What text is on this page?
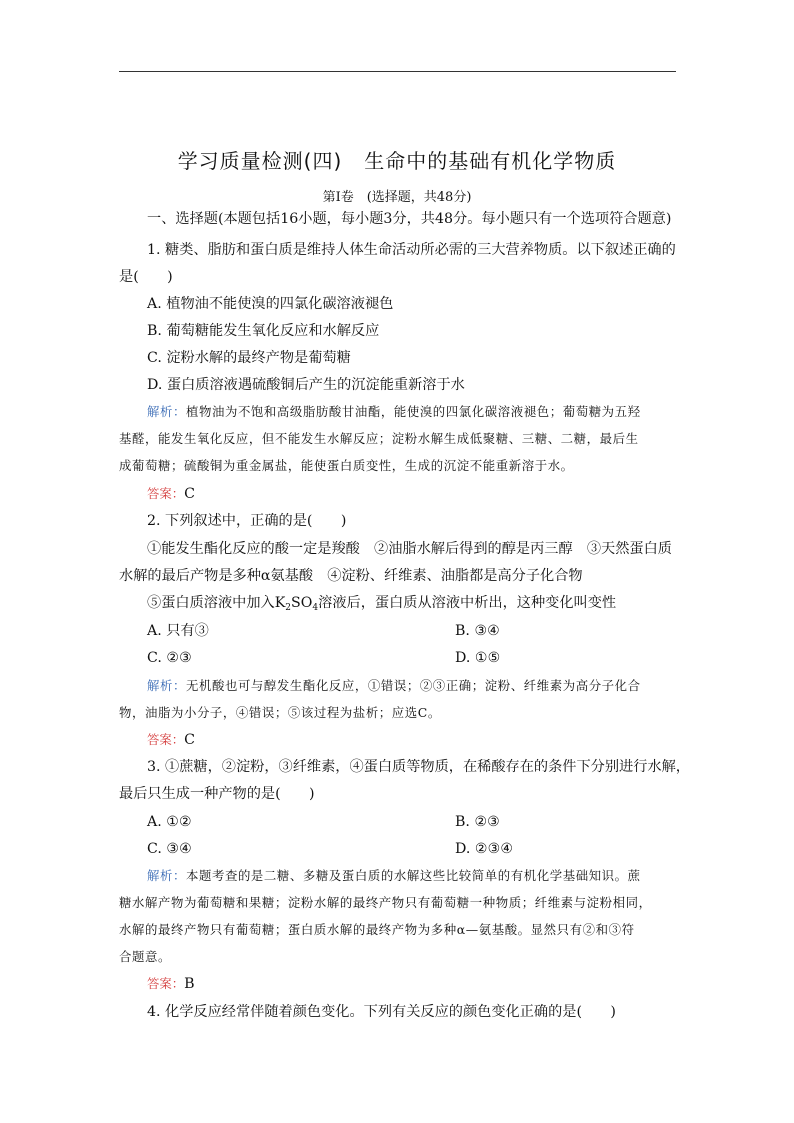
学习质量检测(四) 生命中的基础有机化学物质
第Ⅰ卷　(选择题，共48分)
一、选择题(本题包括16小题，每小题3分，共48分。每小题只有一个选项符合题意)
1. 糖类、脂肪和蛋白质是维持人体生命活动所必需的三大营养物质。以下叙述正确的
是(　　)
A. 植物油不能使溴的四氯化碳溶液褪色
B. 葡萄糖能发生氧化反应和水解反应
C. 淀粉水解的最终产物是葡萄糖
D. 蛋白质溶液遇硫酸铜后产生的沉淀能重新溶于水
解析：植物油为不饱和高级脂肪酸甘油酯，能使溴的四氯化碳溶液褪色；葡萄糖为五羟
基醛，能发生氧化反应，但不能发生水解反应；淀粉水解生成低聚糖、三糖、二糖，最后生
成葡萄糖；硫酸铜为重金属盐，能使蛋白质变性，生成的沉淀不能重新溶于水。
答案：C
2. 下列叙述中，正确的是(　　)
①能发生酯化反应的酸一定是羧酸　②油脂水解后得到的醇是丙三醇　③天然蛋白质
水解的最后产物是多种α氨基酸　④淀粉、纤维素、油脂都是高分子化合物
⑤蛋白质溶液中加入$K_2SO_4$溶液后，蛋白质从溶液中析出，这种变化叫变性
A. 只有③	B. ③④
C. ②③	D. ①⑤
解析：无机酸也可与醇发生酯化反应，①错误；②③正确；淀粉、纤维素为高分子化合
物，油脂为小分子，④错误；⑤该过程为盐析；应选C。
答案：C
3. ①蔗糖，②淀粉，③纤维素，④蛋白质等物质，在稀酸存在的条件下分别进行水解，
最后只生成一种产物的是(　　)
A. ①②	B. ②③
C. ③④	D. ②③④
解析：本题考查的是二糖、多糖及蛋白质的水解这些比较简单的有机化学基础知识。蔗
糖水解产物为葡萄糖和果糖；淀粉水解的最终产物只有葡萄糖一种物质；纤维素与淀粉相同，
水解的最终产物只有葡萄糖；蛋白质水解的最终产物为多种α—氨基酸。显然只有②和③符
合题意。
答案：B
4. 化学反应经常伴随着颜色变化。下列有关反应的颜色变化正确的是(　　)
